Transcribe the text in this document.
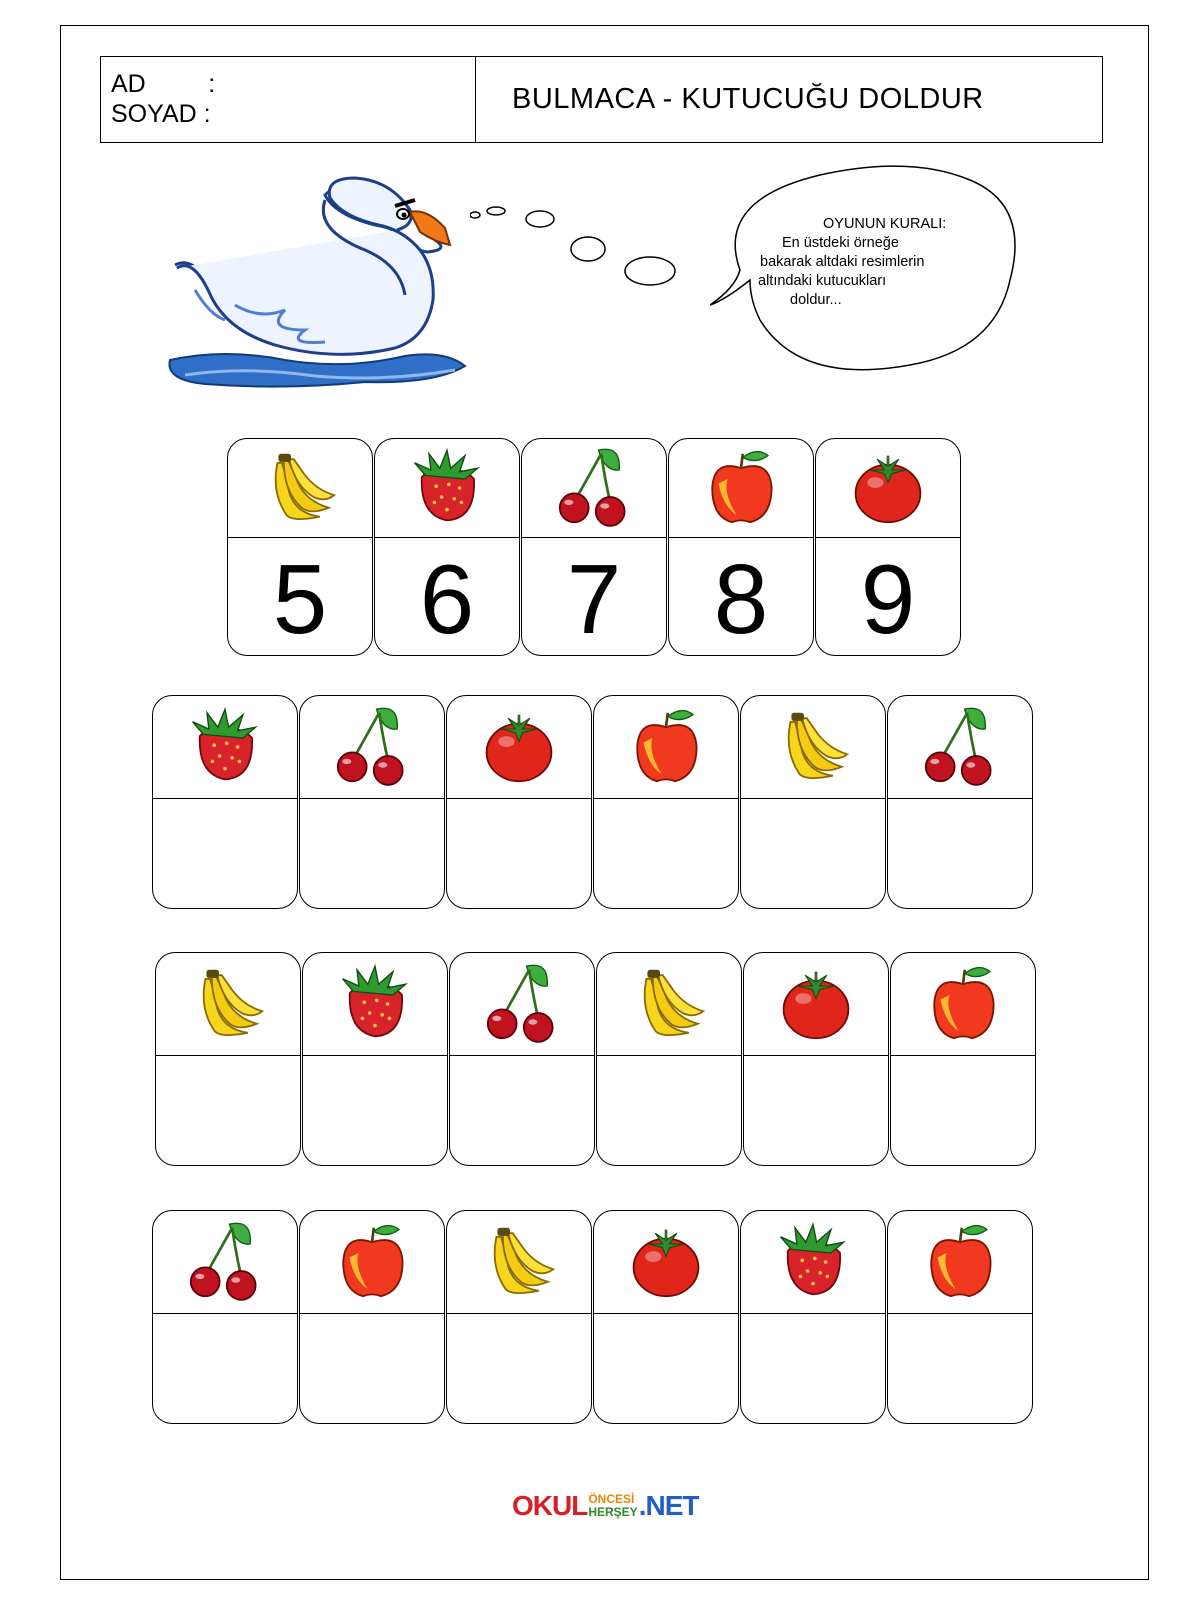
AD         :
SOYAD :	BULMACA - KUTUCUĞU DOLDUR
OYUNUN KURALI:
En üstdeki örneğe
bakarak altdaki resimlerin
altındaki kutucukları
doldur...
5 6 7 8 9
OKUL ÖNCESİ
HERŞEY .NET
